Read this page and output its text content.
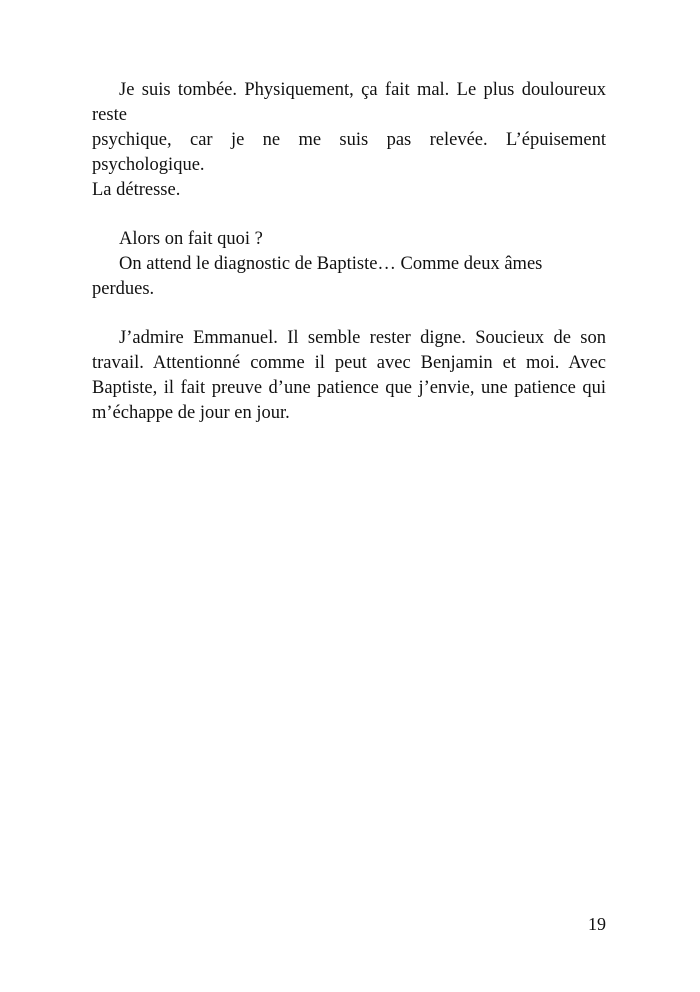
Je suis tombée. Physiquement, ça fait mal. Le plus douloureux reste
psychique, car je ne me suis pas relevée. L’épuisement psychologique.
La détresse.

Alors on fait quoi ?
On attend le diagnostic de Baptiste… Comme deux âmes perdues.

J’admire Emmanuel. Il semble rester digne. Soucieux de son
travail. Attentionné comme il peut avec Benjamin et moi. Avec
Baptiste, il fait preuve d’une patience que j’envie, une patience qui
m’échappe de jour en jour.

19
